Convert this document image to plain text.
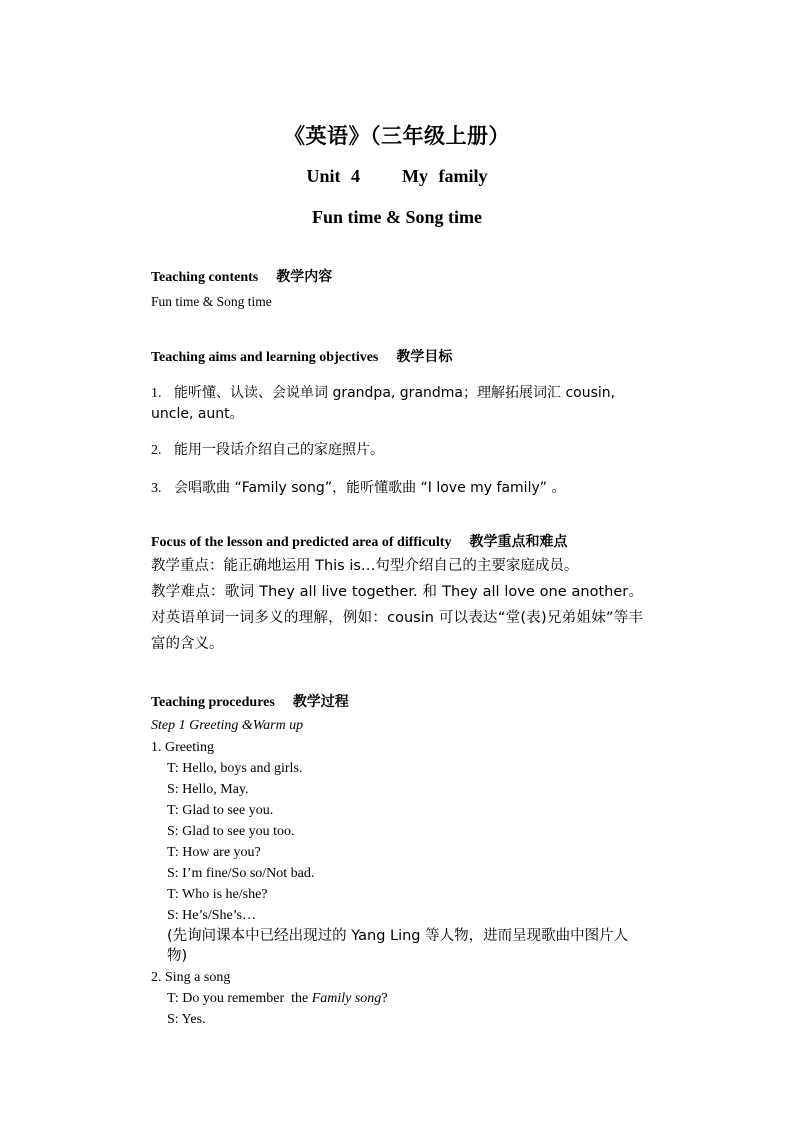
《英语》（三年级上册）
Unit 4    My family
Fun time & Song time
Teaching contents 教学内容
Fun time & Song time
Teaching aims and learning objectives 教学目标
1. 能听懂、认读、会说单词 grandpa, grandma；理解拓展词汇 cousin, uncle, aunt。
2. 能用一段话介绍自己的家庭照片。
3. 会唱歌曲 “Family song”，能听懂歌曲 “I love my family” 。
Focus of the lesson and predicted area of difficulty 教学重点和难点
教学重点：能正确地运用 This is…句型介绍自己的主要家庭成员。
教学难点：歌词 They all live together. 和 They all love one another。对英语单词一词多义的理解，例如：cousin 可以表达“堂(表)兄弟姐妹”等丰富的含义。
Teaching procedures 教学过程
Step 1 Greeting &Warm up
1. Greeting
T: Hello, boys and girls.
S: Hello, May.
T: Glad to see you.
S: Glad to see you too.
T: How are you?
S: I’m fine/So so/Not bad.
T: Who is he/she?
S: He’s/She’s…
(先询问课本中已经出现过的 Yang Ling 等人物，进而呈现歌曲中图片人物)
2. Sing a song
T: Do you remember  the Family song?
S: Yes.
